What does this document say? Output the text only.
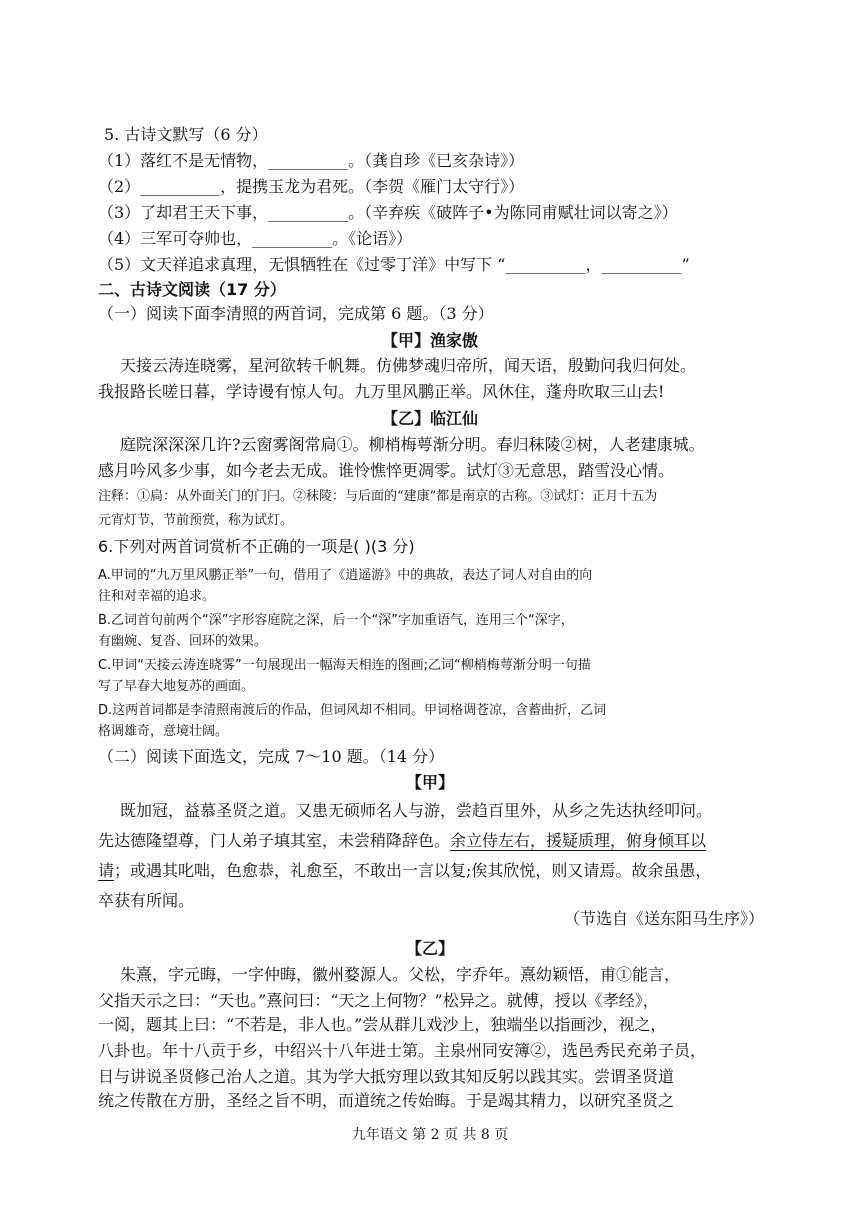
5. 古诗文默写（6 分）
（1）落红不是无情物，__________。（龚自珍《已亥杂诗》）
（2）__________，提携玉龙为君死。（李贺《雁门太守行》）
（3）了却君王天下事，__________。（辛弃疾《破阵子•为陈同甫赋壮词以寄之》）
（4）三军可夺帅也，__________。《论语》）
（5）文天祥追求真理，无惧牺牲在《过零丁洋》中写下 “__________，__________”
二、古诗文阅读（17 分）
（一）阅读下面李清照的两首词，完成第 6 题。（3 分）
【甲】渔家傲
天接云涛连晓雾，星河欲转千帆舞。仿佛梦魂归帝所，闻天语，殷勤问我归何处。
我报路长嗟日暮，学诗谩有惊人句。九万里风鹏正举。风休住，蓬舟吹取三山去!
【乙】临江仙
庭院深深深几许?云窗雾阁常扃①。柳梢梅萼渐分明。春归秣陵②树，人老建康城。
感月吟风多少事，如今老去无成。谁怜憔悴更凋零。试灯③无意思，踏雪没心情。
注释：①扃：从外面关门的门闩。②秣陵：与后面的“建康”都是南京的古称。③试灯：正月十五为
元宵灯节，节前预赏，称为试灯。
6.下列对两首词赏析不正确的一项是( )(3 分)
A.甲词的“九万里风鹏正举”一句，借用了《逍遥游》中的典故，表达了词人对自由的向
往和对幸福的追求。
B.乙词首句前两个“深”字形容庭院之深，后一个“深”字加重语气，连用三个“深字，
有幽婉、复沓、回环的效果。
C.甲词“天接云涛连晓雾”一句展现出一幅海天相连的图画;乙词“柳梢梅萼渐分明一句描
写了早春大地复苏的画面。
D.这两首词都是李清照南渡后的作品，但词风却不相同。甲词格调苍凉，含蓄曲折，乙词
格调雄奇，意境壮阔。
（二）阅读下面选文，完成 7～10 题。（14 分）
【甲】
既加冠，益慕圣贤之道。又患无硕师名人与游，尝趋百里外，从乡之先达执经叩问。
先达德隆望尊，门人弟子填其室，未尝稍降辞色。余立侍左右，援疑质理，俯身倾耳以
请；或遇其叱咄，色愈恭，礼愈至，不敢出一言以复;俟其欣悦，则又请焉。故余虽愚，
卒获有所闻。
（节选自《送东阳马生序》）
【乙】
朱熹，字元晦，一字仲晦，徽州婺源人。父松，字乔年。熹幼颖悟，甫①能言，
父指天示之曰：“天也。”熹问曰：“天之上何物？”松异之。就傅，授以《孝经》，
一阅，题其上曰：“不若是，非人也。”尝从群儿戏沙上，独端坐以指画沙，视之，
八卦也。年十八贡于乡，中绍兴十八年进士第。主泉州同安簿②，选邑秀民充弟子员，
日与讲说圣贤修己治人之道。其为学大抵穷理以致其知反躬以践其实。尝谓圣贤道
九年语文 第 2 页 共 8 页
统之传散在方册，圣经之旨不明，而道统之传始晦。于是竭其精力，以研究圣贤之
